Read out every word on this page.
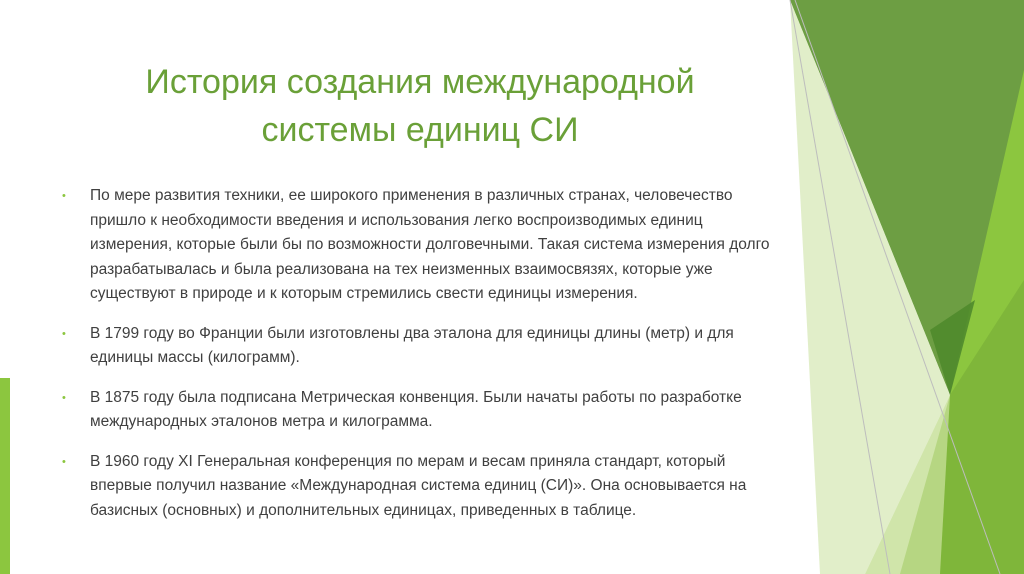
История создания международной
системы единиц СИ
• По мере развития техники, ее широкого применения в различных странах, человечество пришло к необходимости введения и использования легко воспроизводимых единиц измерения, которые были бы по возможности долговечными. Такая система измерения долго разрабатывалась и была реализована на тех неизменных взаимосвязях, которые уже существуют в природе и к которым стремились свести единицы измерения.
• В 1799 году во Франции были изготовлены два эталона для единицы длины (метр) и для единицы массы (килограмм).
• В 1875 году была подписана Метрическая конвенция. Были начаты работы по разработке международных эталонов метра и килограмма.
• В 1960 году XI Генеральная конференция по мерам и весам приняла стандарт, который впервые получил название «Международная система единиц (СИ)». Она основывается на базисных (основных) и дополнительных единицах, приведенных в таблице.
